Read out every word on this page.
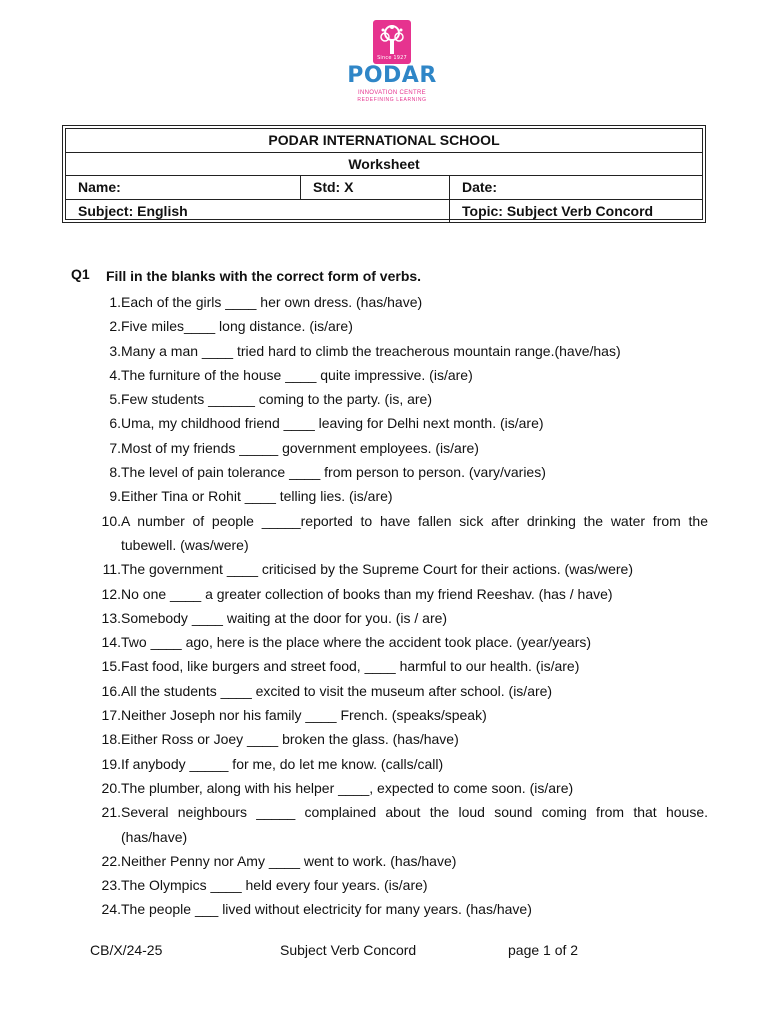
Since 1927
PODAR
INNOVATION CENTRE
REDEFINING LEARNING
PODAR INTERNATIONAL SCHOOL
Worksheet
Name:	Std: X	Date:
Subject: English	Topic: Subject Verb Concord
Q1 Fill in the blanks with the correct form of verbs.
1. Each of the girls ____ her own dress. (has/have)
2. Five miles____ long distance. (is/are)
3. Many a man ____ tried hard to climb the treacherous mountain range.(have/has)
4. The furniture of the house ____ quite impressive. (is/are)
5. Few students ______ coming to the party. (is, are)
6. Uma, my childhood friend ____ leaving for Delhi next month. (is/are)
7. Most of my friends _____ government employees. (is/are)
8. The level of pain tolerance ____ from person to person. (vary/varies)
9. Either Tina or Rohit ____ telling lies. (is/are)
10. A number of people _____reported to have fallen sick after drinking the water from the tubewell. (was/were)
11. The government ____ criticised by the Supreme Court for their actions. (was/were)
12. No one ____ a greater collection of books than my friend Reeshav. (has / have)
13. Somebody ____ waiting at the door for you. (is / are)
14. Two ____ ago, here is the place where the accident took place. (year/years)
15. Fast food, like burgers and street food, ____ harmful to our health. (is/are)
16. All the students ____ excited to visit the museum after school. (is/are)
17. Neither Joseph nor his family ____ French. (speaks/speak)
18. Either Ross or Joey ____ broken the glass. (has/have)
19. If anybody _____ for me, do let me know. (calls/call)
20. The plumber, along with his helper ____, expected to come soon. (is/are)
21. Several neighbours _____ complained about the loud sound coming from that house. (has/have)
22. Neither Penny nor Amy ____ went to work. (has/have)
23. The Olympics ____ held every four years. (is/are)
24. The people ___ lived without electricity for many years. (has/have)
CB/X/24-25	Subject Verb Concord	page 1 of 2
